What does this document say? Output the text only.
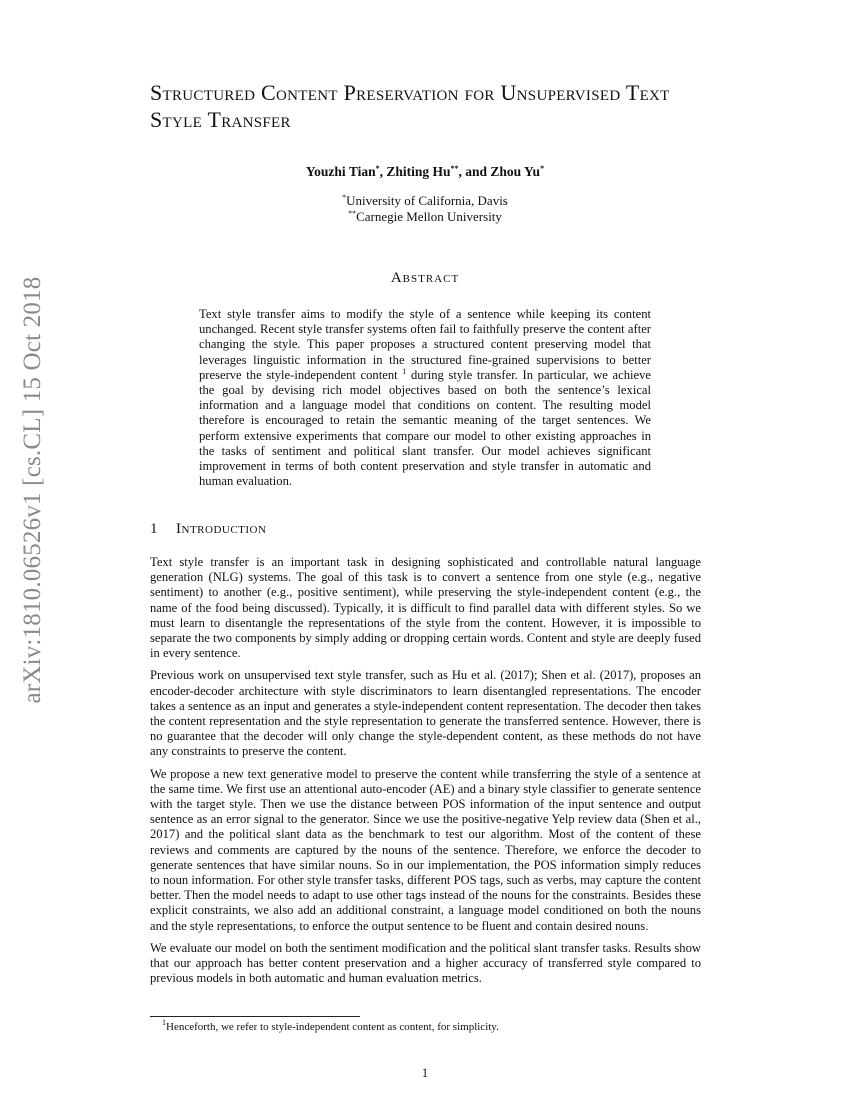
arXiv:1810.06526v1 [cs.CL] 15 Oct 2018
Structured Content Preservation for Unsupervised Text Style Transfer
Youzhi Tian*, Zhiting Hu**, and Zhou Yu*
*University of California, Davis
**Carnegie Mellon University
Abstract

Text style transfer aims to modify the style of a sentence while keeping its content unchanged. Recent style transfer systems often fail to faithfully preserve the content after changing the style. This paper proposes a structured content preserving model that leverages linguistic information in the structured fine-grained supervisions to better preserve the style-independent content $^1$ during style transfer. In particular, we achieve the goal by devising rich model objectives based on both the sentence’s lexical information and a language model that conditions on content. The resulting model therefore is encouraged to retain the semantic meaning of the target sentences. We perform extensive experiments that compare our model to other existing approaches in the tasks of sentiment and political slant transfer. Our model achieves significant improvement in terms of both content preservation and style transfer in automatic and human evaluation.

1 Introduction

Text style transfer is an important task in designing sophisticated and controllable natural language generation (NLG) systems. The goal of this task is to convert a sentence from one style (e.g., negative sentiment) to another (e.g., positive sentiment), while preserving the style-independent content (e.g., the name of the food being discussed). Typically, it is difficult to find parallel data with different styles. So we must learn to disentangle the representations of the style from the content. However, it is impossible to separate the two components by simply adding or dropping certain words. Content and style are deeply fused in every sentence.

Previous work on unsupervised text style transfer, such as Hu et al. (2017); Shen et al. (2017), proposes an encoder-decoder architecture with style discriminators to learn disentangled representations. The encoder takes a sentence as an input and generates a style-independent content representation. The decoder then takes the content representation and the style representation to generate the transferred sentence. However, there is no guarantee that the decoder will only change the style-dependent content, as these methods do not have any constraints to preserve the content.

We propose a new text generative model to preserve the content while transferring the style of a sentence at the same time. We first use an attentional auto-encoder (AE) and a binary style classifier to generate sentence with the target style. Then we use the distance between POS information of the input sentence and output sentence as an error signal to the generator. Since we use the positive-negative Yelp review data (Shen et al., 2017) and the political slant data as the benchmark to test our algorithm. Most of the content of these reviews and comments are captured by the nouns of the sentence. Therefore, we enforce the decoder to generate sentences that have similar nouns. So in our implementation, the POS information simply reduces to noun information. For other style transfer tasks, different POS tags, such as verbs, may capture the content better. Then the model needs to adapt to use other tags instead of the nouns for the constraints. Besides these explicit constraints, we also add an additional constraint, a language model conditioned on both the nouns and the style representations, to enforce the output sentence to be fluent and contain desired nouns.

We evaluate our model on both the sentiment modification and the political slant transfer tasks. Results show that our approach has better content preservation and a higher accuracy of transferred style compared to previous models in both automatic and human evaluation metrics.

$^1$Henceforth, we refer to style-independent content as content, for simplicity.
1
